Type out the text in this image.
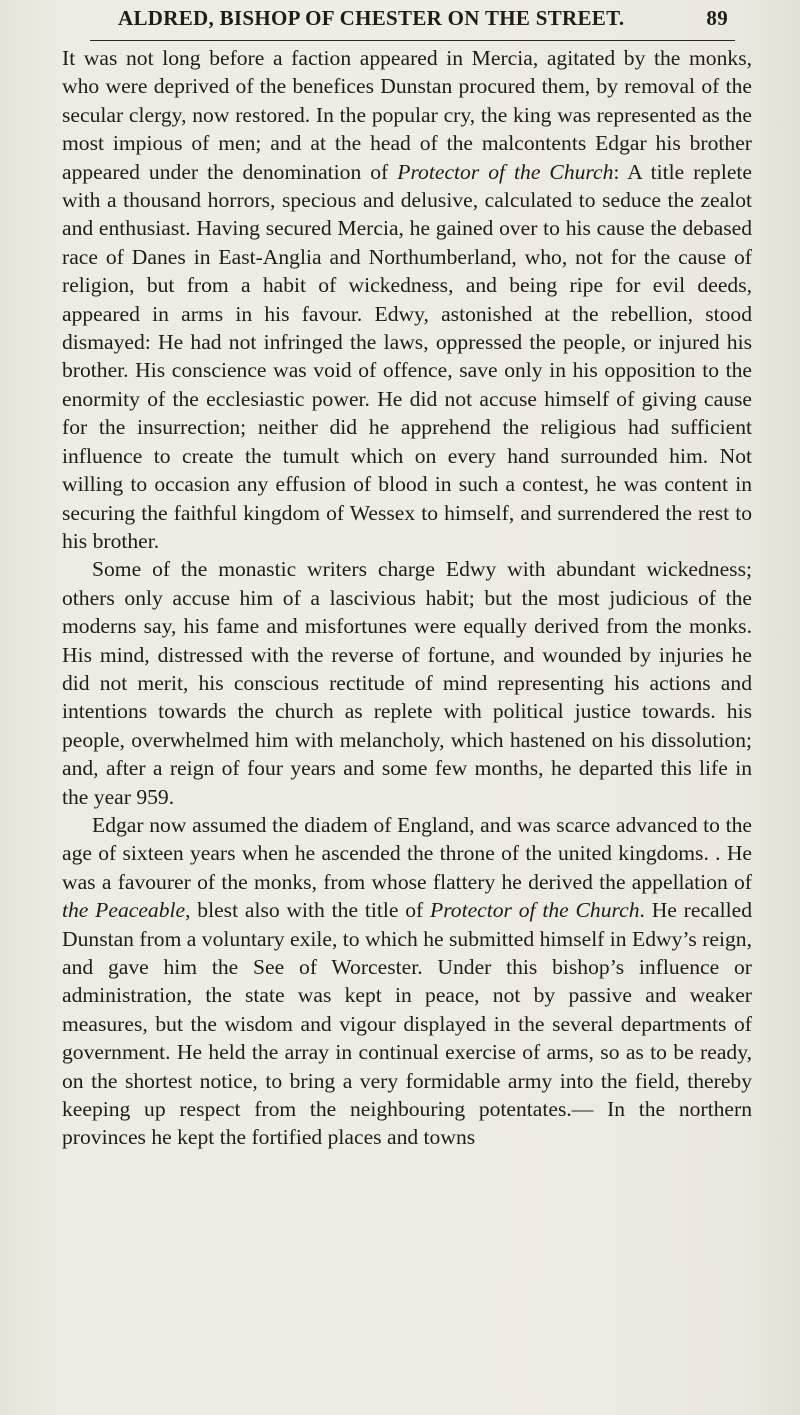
ALDRED, BISHOP OF CHESTER ON THE STREET.	89

It was not long before a faction appeared in Mercia, agitated by the monks, who were deprived of the benefices Dunstan procured them, by removal of the secular clergy, now restored. In the popular cry, the king was represented as the most impious of men; and at the head of the malcontents Edgar his brother appeared under the denomination of Protector of the Church: A title replete with a thousand horrors, specious and delusive, calculated to seduce the zealot and enthusiast. Having secured Mercia, he gained over to his cause the debased race of Danes in East-Anglia and Northumberland, who, not for the cause of religion, but from a habit of wickedness, and being ripe for evil deeds, appeared in arms in his favour. Edwy, astonished at the rebellion, stood dismayed: He had not infringed the laws, oppressed the people, or injured his brother. His conscience was void of offence, save only in his opposition to the enormity of the ecclesiastic power. He did not accuse himself of giving cause for the insurrection; neither did he apprehend the religious had sufficient influence to create the tumult which on every hand surrounded him. Not willing to occasion any effusion of blood in such a contest, he was content in securing the faithful kingdom of Wessex to himself, and surrendered the rest to his brother.

Some of the monastic writers charge Edwy with abundant wickedness; others only accuse him of a lascivious habit; but the most judicious of the moderns say, his fame and misfortunes were equally derived from the monks. His mind, distressed with the reverse of fortune, and wounded by injuries he did not merit, his conscious rectitude of mind representing his actions and intentions towards the church as replete with political justice towards. his people, overwhelmed him with melancholy, which hastened on his dissolution; and, after a reign of four years and some few months, he departed this life in the year 959.

Edgar now assumed the diadem of England, and was scarce advanced to the age of sixteen years when he ascended the throne of the united kingdoms. . He was a favourer of the monks, from whose flattery he derived the appellation of the Peaceable, blest also with the title of Protector of the Church. He recalled Dunstan from a voluntary exile, to which he submitted himself in Edwy’s reign, and gave him the See of Worcester. Under this bishop’s influence or administration, the state was kept in peace, not by passive and weaker measures, but the wisdom and vigour displayed in the several departments of government. He held the array in continual exercise of arms, so as to be ready, on the shortest notice, to bring a very formidable army into the field, thereby keeping up respect from the neighbouring potentates.— In the northern provinces he kept the fortified places and towns
